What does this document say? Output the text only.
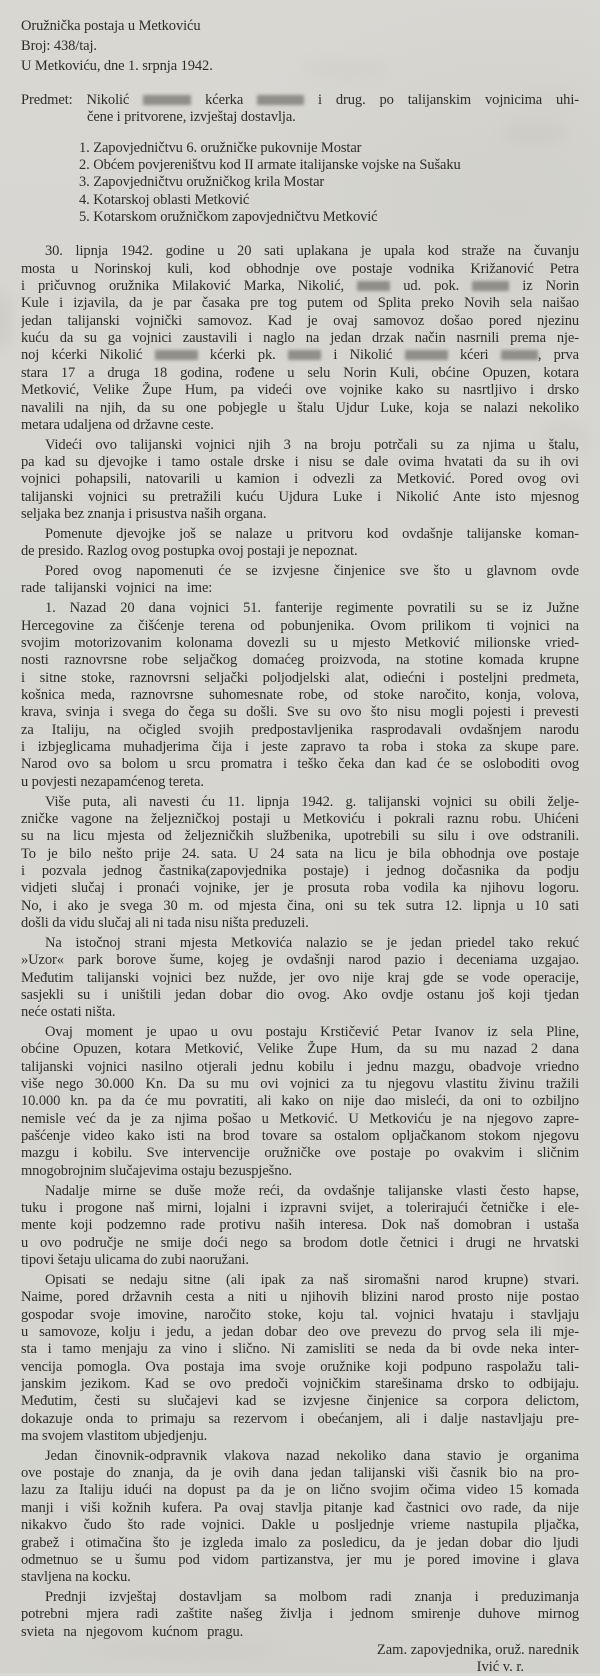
Oružnička postaja u Metkoviću
Broj: 438/taj.
U Metkoviću, dne 1. srpnja 1942.
Predmet: Nikolić	kćerka	i drug. po talijanskim vojnicima uhi-
čene i pritvorene, izvještaj dostavlja.
1. Zapovjedničtvu 6. oružničke pukovnije Mostar
2. Obćem povjereništvu kod II armate italijanske vojske na Sušaku
3. Zapovjedničtvu oružničkog krila Mostar
4. Kotarskoj oblasti Metković
5. Kotarskom oružničkom zapovjedničtvu Metković
30. lipnja 1942. godine u 20 sati uplakana je upala kod straže na čuvanju
mosta u Norinskoj kuli, kod obhodnje ove postaje vodnika Križanović Petra
i pričuvnog oružnika Milaković Marka, Nikolić,  ud. pok.	iz Norin
Kule i izjavila, da je par časaka pre tog putem od Splita preko Novih sela naišao
jedan talijanski vojnički samovoz. Kad je ovaj samovoz došao pored njezinu
kuću da su ga vojnici zaustavili i naglo na jedan drzak način nasrnili prema nje-
noj kćerki Nikolić	kćerki pk.  i Nikolić	kćeri	, prva
stara 17 a druga 18 godina, rođene u selu Norin Kuli, obćine Opuzen, kotara
Metković, Velike Župe Hum, pa videći ove vojnike kako su nasrtljivo i drsko
navalili na njih, da su one pobjegle u štalu Ujdur Luke, koja se nalazi nekoliko
metara udaljena od državne ceste.
Videći ovo talijanski vojnici njih 3 na broju potrčali su za njima u štalu,
pa kad su djevojke i tamo ostale drske i nisu se dale ovima hvatati da su ih ovi
vojnici pohapsili, natovarili u kamion i odvezli za Metković. Pored ovog ovi
talijanski vojnici su pretražili kuću Ujdura Luke i Nikolić Ante isto mjesnog
seljaka bez znanja i prisustva naših organa.
Pomenute djevojke još se nalaze u pritvoru kod ovdašnje talijanske koman-
de presido. Razlog ovog postupka ovoj postaji je nepoznat.
Pored ovog napomenuti će se izvjesne činjenice sve što u glavnom ovde
rade talijanski vojnici na ime:
1. Nazad 20 dana vojnici 51. fanterije regimente povratili su se iz Južne
Hercegovine za čišćenje terena od pobunjenika. Ovom prilikom ti vojnici na
svojim motorizovanim kolonama dovezli su u mjesto Metković milionske vried-
nosti raznovrsne robe seljačkog domaćeg proizvoda, na stotine komada krupne
i sitne stoke, raznovrsni seljački poljodjelski alat, odiećni i posteljni predmeta,
košnica meda, raznovrsne suhomesnate robe, od stoke naročito, konja, volova,
krava, svinja i svega do čega su došli. Sve su ovo što nisu mogli pojesti i prevesti
za Italiju, na očigled svojih predpostavljenika rasprodavali ovdašnjem narodu
i izbjeglicama muhadjerima čija i jeste zapravo ta roba i stoka za skupe pare.
Narod ovo sa bolom u srcu promatra i teško čeka dan kad će se osloboditi ovog
u povjesti nezapamćenog tereta.
Više puta, ali navesti ću 11. lipnja 1942. g. talijanski vojnici su obili želje-
zničke vagone na željezničkoj postaji u Metkoviću i pokrali raznu robu. Uhićeni
su na licu mjesta od željezničkih službenika, upotrebili su silu i ove odstranili.
To je bilo nešto prije 24. sata. U 24 sata na licu je bila obhodnja ove postaje
i pozvala jednog častnika(zapovjednika postaje) i jednog dočasnika da podju
vidjeti slučaj i pronaći vojnike, jer je prosuta roba vodila ka njihovu logoru.
No, i ako je svega 30 m. od mjesta čina, oni su tek sutra 12. lipnja u 10 sati
došli da vidu slučaj ali ni tada nisu ništa preduzeli.
Na istočnoj strani mjesta Metkovića nalazio se je jedan priedel tako rekuć
»Uzor« park borove šume, kojeg je ovdašnji narod pazio i deceniama uzgajao.
Međutim talijanski vojnici bez nužde, jer ovo nije kraj gde se vode operacije,
sasjekli su i uništili jedan dobar dio ovog. Ako ovdje ostanu još koji tjedan
neće ostati ništa.
Ovaj moment je upao u ovu postaju Krstičević Petar Ivanov iz sela Pline,
obćine Opuzen, kotara Metković, Velike Župe Hum, da su mu nazad 2 dana
talijanski vojnici nasilno otjerali jednu kobilu i jednu mazgu, obadvoje vriedno
više nego 30.000 Kn. Da su mu ovi vojnici za tu njegovu vlastitu živinu tražili
10.000 kn. pa da će mu povratiti, ali kako on nije dao misleći, da oni to ozbiljno
nemisle već da je za njima pošao u Metković. U Metkoviću je na njegovo zapre-
pašćenje video kako isti na brod tovare sa ostalom opljačkanom stokom njegovu
mazgu i kobilu. Sve intervencije oružničke ove postaje po ovakvim i sličnim
mnogobrojnim slučajevima ostaju bezuspješno.
Nadalje mirne se duše može reći, da ovdašnje talijanske vlasti često hapse,
tuku i progone naš mirni, lojalni i izpravni svijet, a tolerirajući četničke i ele-
mente koji podzemno rade protivu naših interesa. Dok naš domobran i ustaša
u ovo područje ne smije doći nego sa brodom dotle četnici i drugi ne hrvatski
tipovi šetaju ulicama do zubi naoružani.
Opisati se nedaju sitne (ali ipak za naš siromašni narod krupne) stvari.
Naime, pored državnih cesta a niti u njihovih blizini narod prosto nije postao
gospodar svoje imovine, naročito stoke, koju tal. vojnici hvataju i stavljaju
u samovoze, kolju i jedu, a jedan dobar deo ove prevezu do prvog sela ili mje-
sta i tamo menjaju za vino i slično. Ni zamisliti se neda da bi ovde neka inter-
vencija pomogla. Ova postaja ima svoje oružnike koji podpuno raspolažu tali-
janskim jezikom. Kad se ovo predoči vojničkim starešinama drsko to odbijaju.
Međutim, česti su slučajevi kad se izvjesne činjenice sa corpora delictom,
dokazuje onda to primaju sa rezervom i obećanjem, ali i dalje nastavljaju pre-
ma svojem vlastitom ubjedjenju.
Jedan činovnik-odpravnik vlakova nazad nekoliko dana stavio je organima
ove postaje do znanja, da je ovih dana jedan talijanski viši časnik bio na pro-
lazu za Italiju idući na dopust pa da je on lično svojim očima video 15 komada
manji i viši kožnih kufera. Pa ovaj stavlja pitanje kad častnici ovo rade, da nije
nikakvo čudo što rade vojnici. Dakle u posljednje vrieme nastupila pljačka,
grabež i otimačina što je izgleda imalo za posledicu, da je jedan dobar dio ljudi
odmetnuo se u šumu pod vidom partizanstva, jer mu je pored imovine i glava
stavljena na kocku.
Prednji izvještaj dostavljam sa molbom radi znanja i preduzimanja
potrebni mjera radi zaštite našeg življa i jednom smirenje duhove mirnog
svieta na njegovom kućnom pragu.
Zam. zapovjednika, oruž. narednik
Ivić v. r.
